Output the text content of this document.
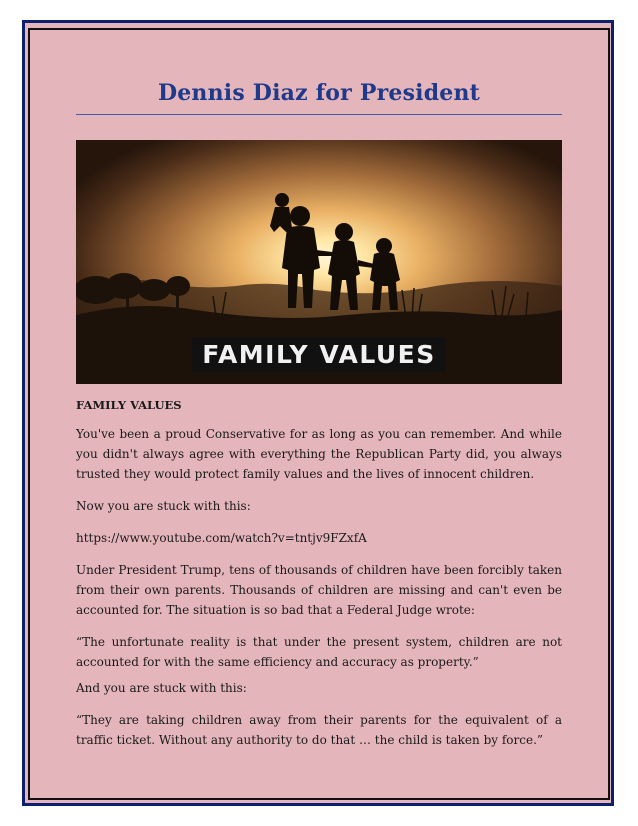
Dennis Diaz for President
FAMILY VALUES
FAMILY VALUES

You've been a proud Conservative for as long as you can remember. And while you didn't always agree with everything the Republican Party did, you always trusted they would protect family values and the lives of innocent children.

Now you are stuck with this:

https://www.youtube.com/watch?v=tntjv9FZxfA

Under President Trump, tens of thousands of children have been forcibly taken from their own parents. Thousands of children are missing and can't even be accounted for. The situation is so bad that a Federal Judge wrote:

“The unfortunate reality is that under the present system, children are not accounted for with the same efficiency and accuracy as property.”

And you are stuck with this:

“They are taking children away from their parents for the equivalent of a traffic ticket. Without any authority to do that … the child is taken by force.”
